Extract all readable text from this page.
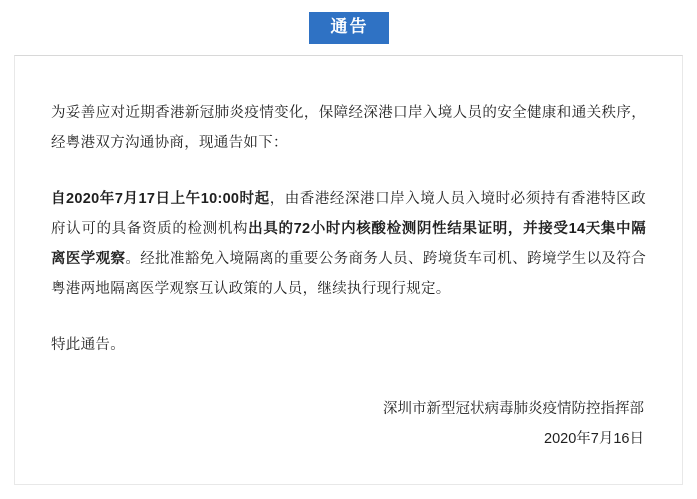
通告

为妥善应对近期香港新冠肺炎疫情变化，保障经深港口岸入境人员的安全健康和通关秩序，经粤港双方沟通协商，现通告如下：

自2020年7月17日上午10:00时起，由香港经深港口岸入境人员入境时必须持有香港特区政府认可的具备资质的检测机构出具的72小时内核酸检测阴性结果证明，并接受14天集中隔离医学观察。经批准豁免入境隔离的重要公务商务人员、跨境货车司机、跨境学生以及符合粤港两地隔离医学观察互认政策的人员，继续执行现行规定。

特此通告。

深圳市新型冠状病毒肺炎疫情防控指挥部
2020年7月16日
